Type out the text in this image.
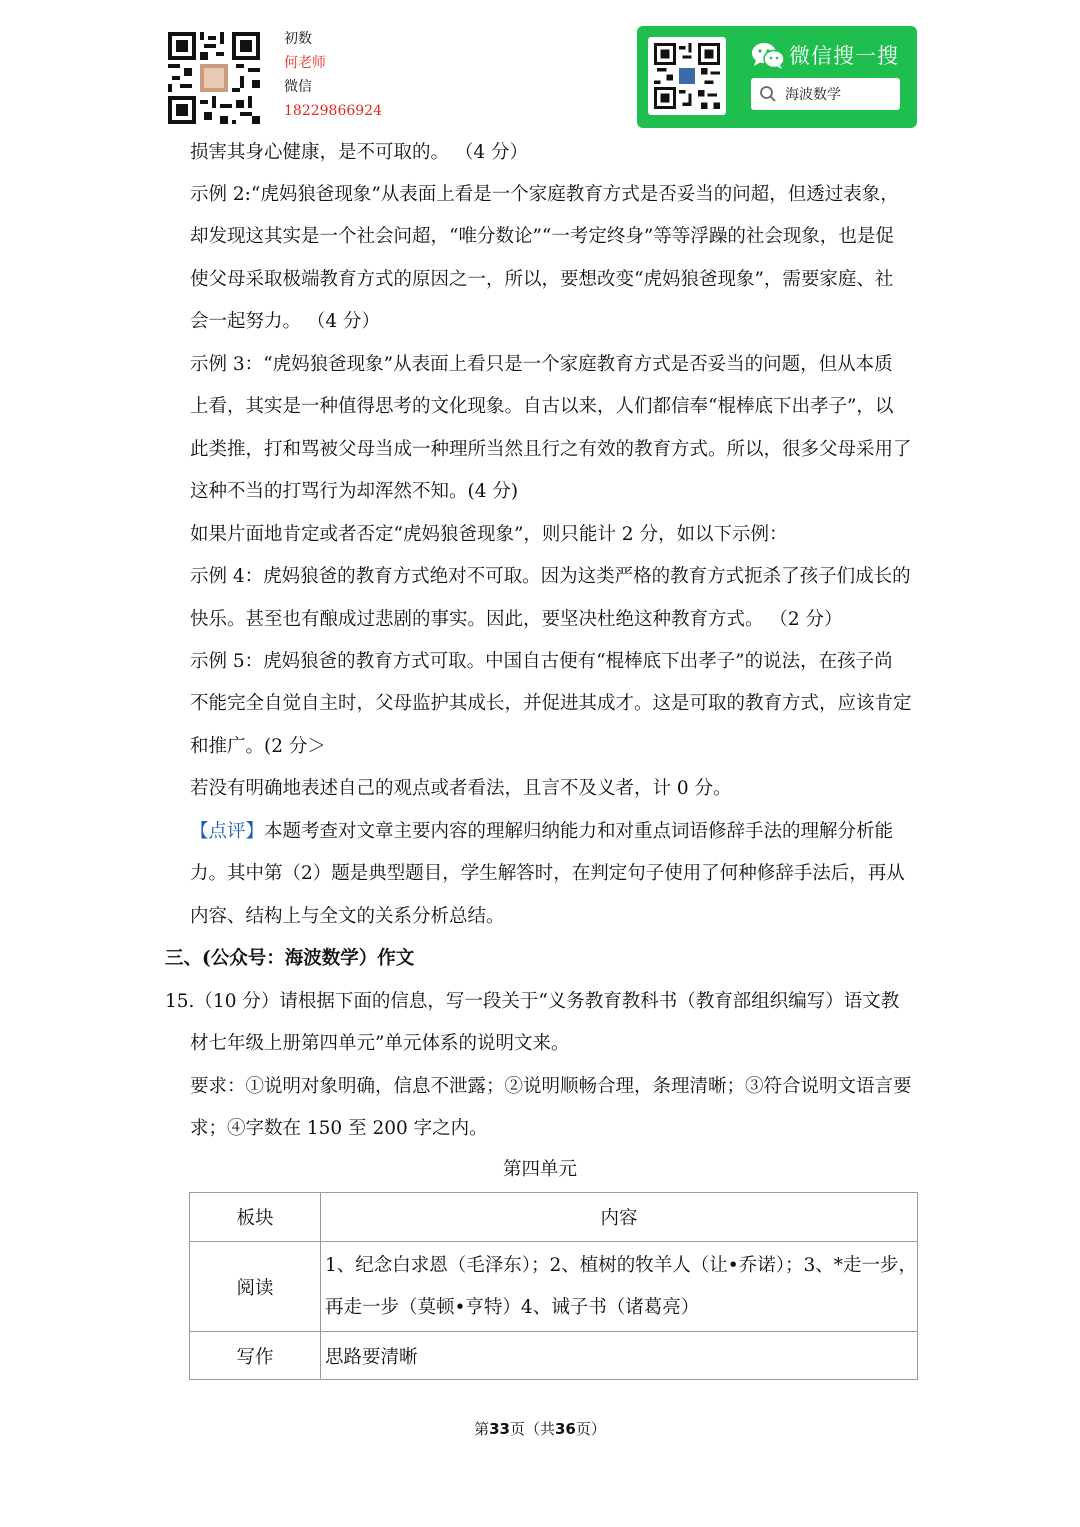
初数
何老师
微信
18229866924
微信搜一搜
海波数学
损害其身心健康，是不可取的。 （4 分）
示例 2:“虎妈狼爸现象”从表面上看是一个家庭教育方式是否妥当的问超，但透过表象，
却发现这其实是一个社会问超，“唯分数论”“一考定终身”等等浮躁的社会现象，也是促
使父母采取极端教育方式的原因之一，所以，要想改变“虎妈狼爸现象”，需要家庭、社
会一起努力。 （4 分）
示例 3：“虎妈狼爸现象”从表面上看只是一个家庭教育方式是否妥当的问题，但从本质
上看，其实是一种值得思考的文化现象。自古以来，人们都信奉“棍棒底下出孝子”，以
此类推，打和骂被父母当成一种理所当然且行之有效的教育方式。所以，很多父母采用了
这种不当的打骂行为却浑然不知。(4 分)
如果片面地肯定或者否定“虎妈狼爸现象”，则只能计 2 分，如以下示例：
示例 4：虎妈狼爸的教育方式绝对不可取。因为这类严格的教育方式扼杀了孩子们成长的
快乐。甚至也有酿成过悲剧的事实。因此，要坚决杜绝这种教育方式。 （2 分）
示例 5：虎妈狼爸的教育方式可取。中国自古便有“棍棒底下出孝子”的说法，在孩子尚
不能完全自觉自主时，父母监护其成长，并促进其成才。这是可取的教育方式，应该肯定
和推广。(2 分＞
若没有明确地表述自己的观点或者看法，且言不及义者，计 0 分。
【点评】本题考查对文章主要内容的理解归纳能力和对重点词语修辞手法的理解分析能
力。其中第（2）题是典型题目，学生解答时，在判定句子使用了何种修辞手法后，再从
内容、结构上与全文的关系分析总结。
三、(公众号：海波数学）作文
15.（10 分）请根据下面的信息，写一段关于“义务教育教科书（教育部组织编写）语文教
材七年级上册第四单元”单元体系的说明文来。
要求：①说明对象明确，信息不泄露；②说明顺畅合理，条理清晰；③符合说明文语言要
求；④字数在 150 至 200 字之内。
第四单元
板块	内容
阅读	1、纪念白求恩（毛泽东）；2、植树的牧羊人（让•乔诺）；3、*走一步，
再走一步（莫顿•亨特）4、诫子书（诸葛亮）

写作	思路要清晰
第33页（共36页）
